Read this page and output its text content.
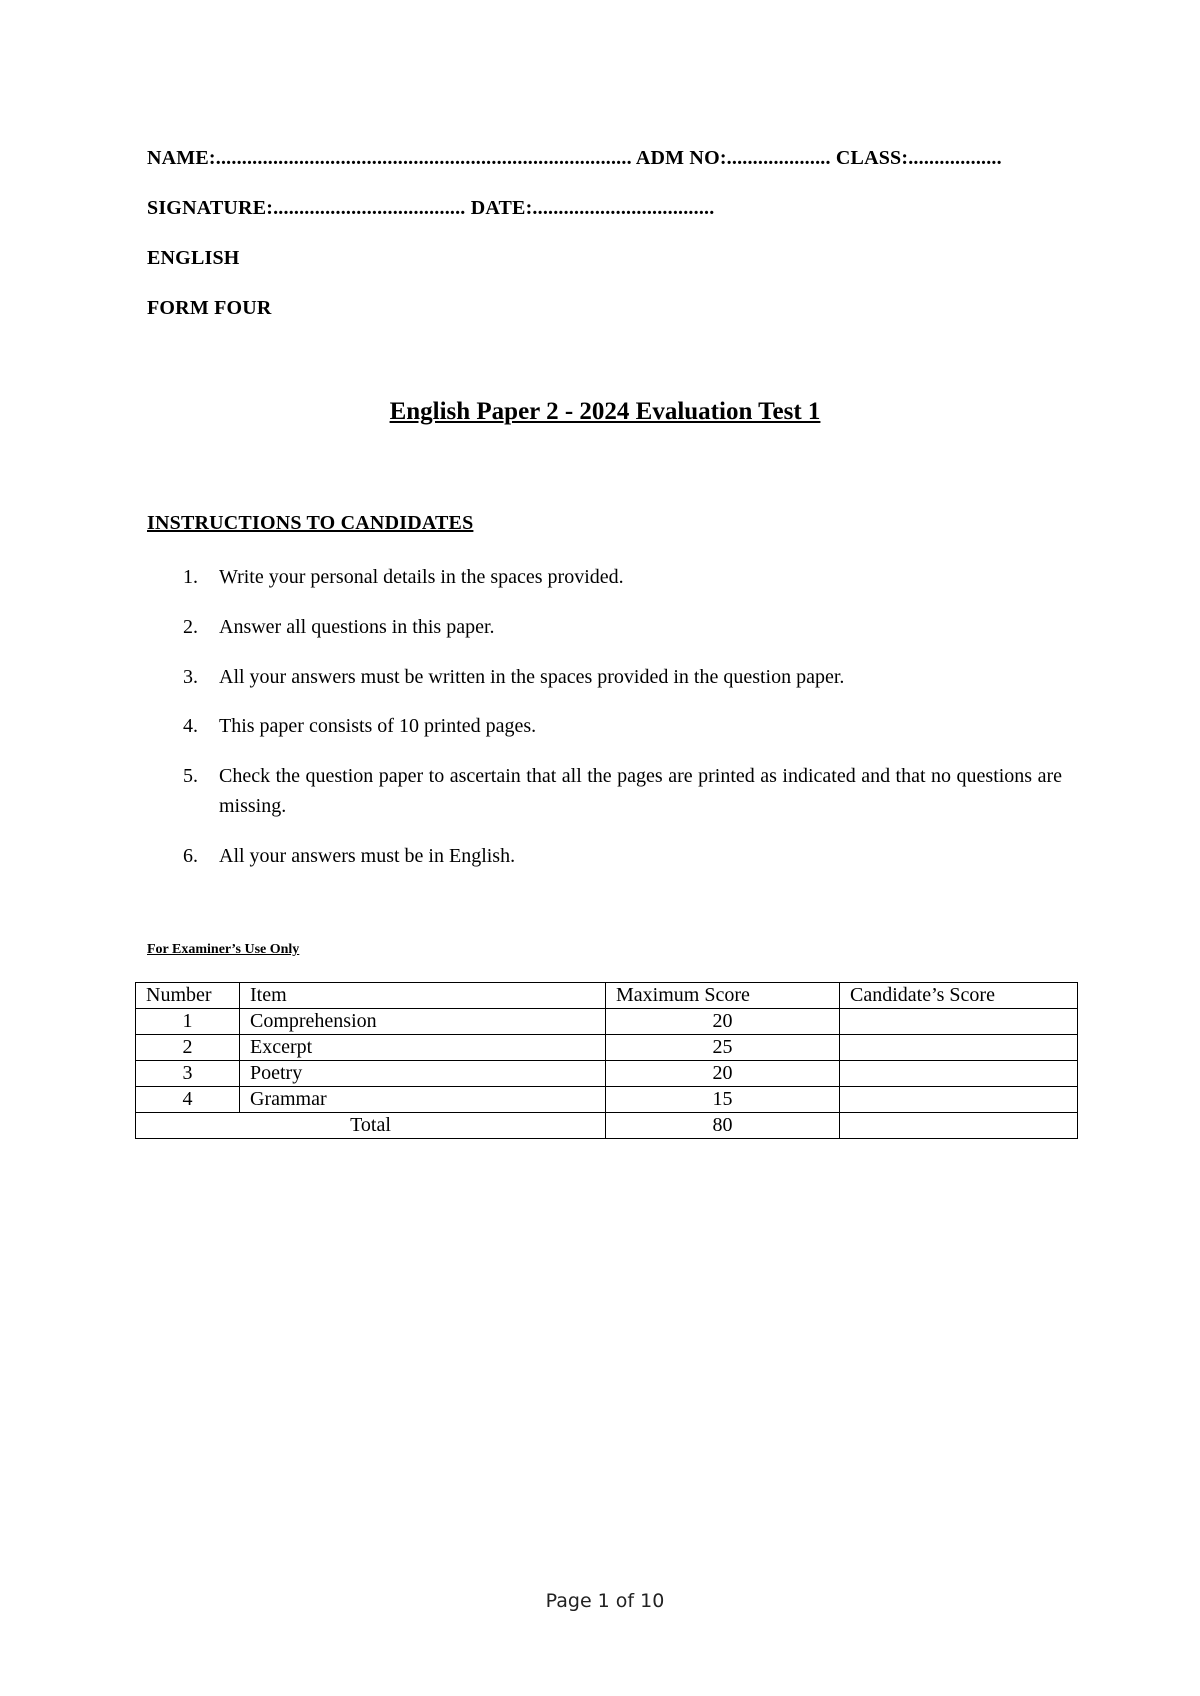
NAME:................................................................................ ADM NO:.................... CLASS:..................
SIGNATURE:..................................... DATE:...................................
ENGLISH
FORM FOUR
English Paper 2 - 2024 Evaluation Test 1
INSTRUCTIONS TO CANDIDATES
1. Write your personal details in the spaces provided.
2. Answer all questions in this paper.
3. All your answers must be written in the spaces provided in the question paper.
4. This paper consists of 10 printed pages.
5. Check the question paper to ascertain that all the pages are printed as indicated and that no questions are missing.
6. All your answers must be in English.
For Examiner’s Use Only
Number	Item	Maximum Score	Candidate’s Score
1	Comprehension	20	
2	Excerpt	25	
3	Poetry	20	
4	Grammar	15	
Total		80	
Page 1 of 10
